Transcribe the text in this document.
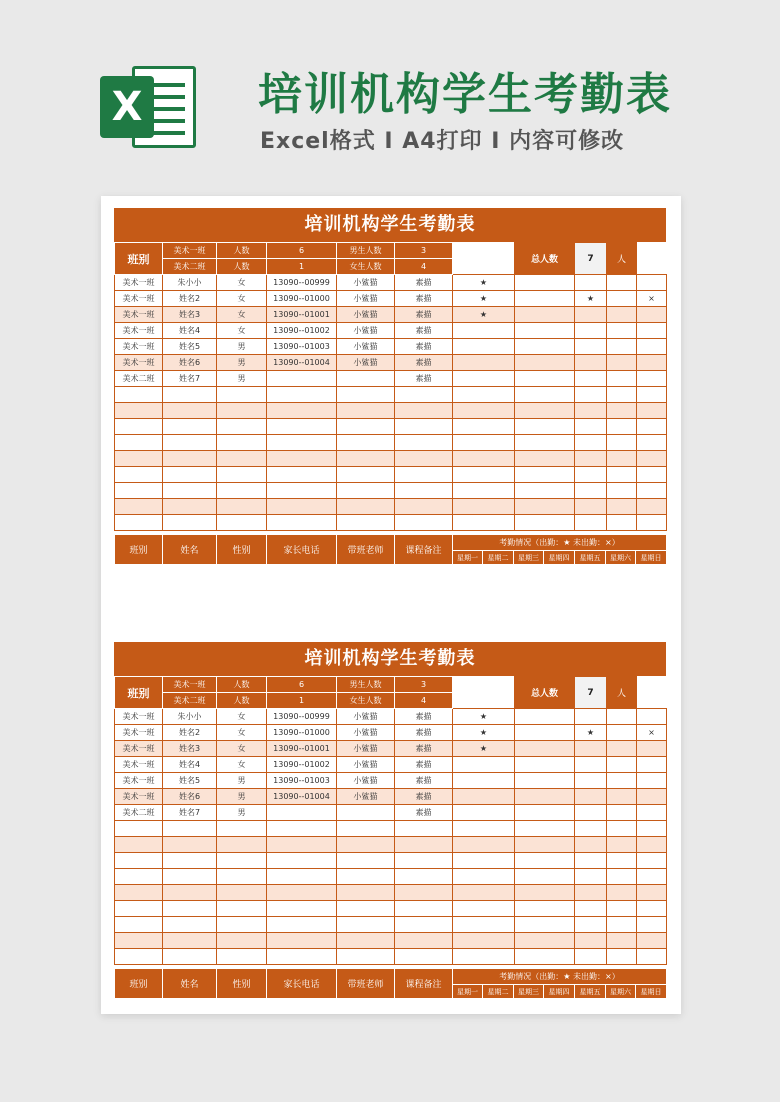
X	培训机构学生考勤表
Excel格式 I A4打印 I 内容可修改
培训机构学生考勤表
班别	美术一班	人数	6	男生人数	3		总人数	7	人		
	美术二班	人数	1	女生人数	4						
美术一班	朱小小	女	13090--00999	小鲨猫	素描	★						
美术一班	姓名2	女	13090--01000	小鲨猫	素描	★		★		×		
美术一班	姓名3	女	13090--01001	小鲨猫	素描	★						
美术一班	姓名4	女	13090--01002	小鲨猫	素描							
美术一班	姓名5	男	13090--01003	小鲨猫	素描							
美术一班	姓名6	男	13090--01004	小鲨猫	素描							
美术二班	姓名7	男			素描							

班别	姓名	性别	家长电话	带班老师	课程备注	考勤情况（出勤：★ 未出勤：×）						
						星期一	星期二	星期三	星期四	星期五	星期六	星期日
培训机构学生考勤表
班别	美术一班	人数	6	男生人数	3		总人数	7	人		
	美术二班	人数	1	女生人数	4						
美术一班	朱小小	女	13090--00999	小鲨猫	素描	★						
美术一班	姓名2	女	13090--01000	小鲨猫	素描	★		★		×		
美术一班	姓名3	女	13090--01001	小鲨猫	素描	★						
美术一班	姓名4	女	13090--01002	小鲨猫	素描							
美术一班	姓名5	男	13090--01003	小鲨猫	素描							
美术一班	姓名6	男	13090--01004	小鲨猫	素描							
美术二班	姓名7	男			素描							

班别	姓名	性别	家长电话	带班老师	课程备注	考勤情况（出勤：★ 未出勤：×）						
						星期一	星期二	星期三	星期四	星期五	星期六	星期日
